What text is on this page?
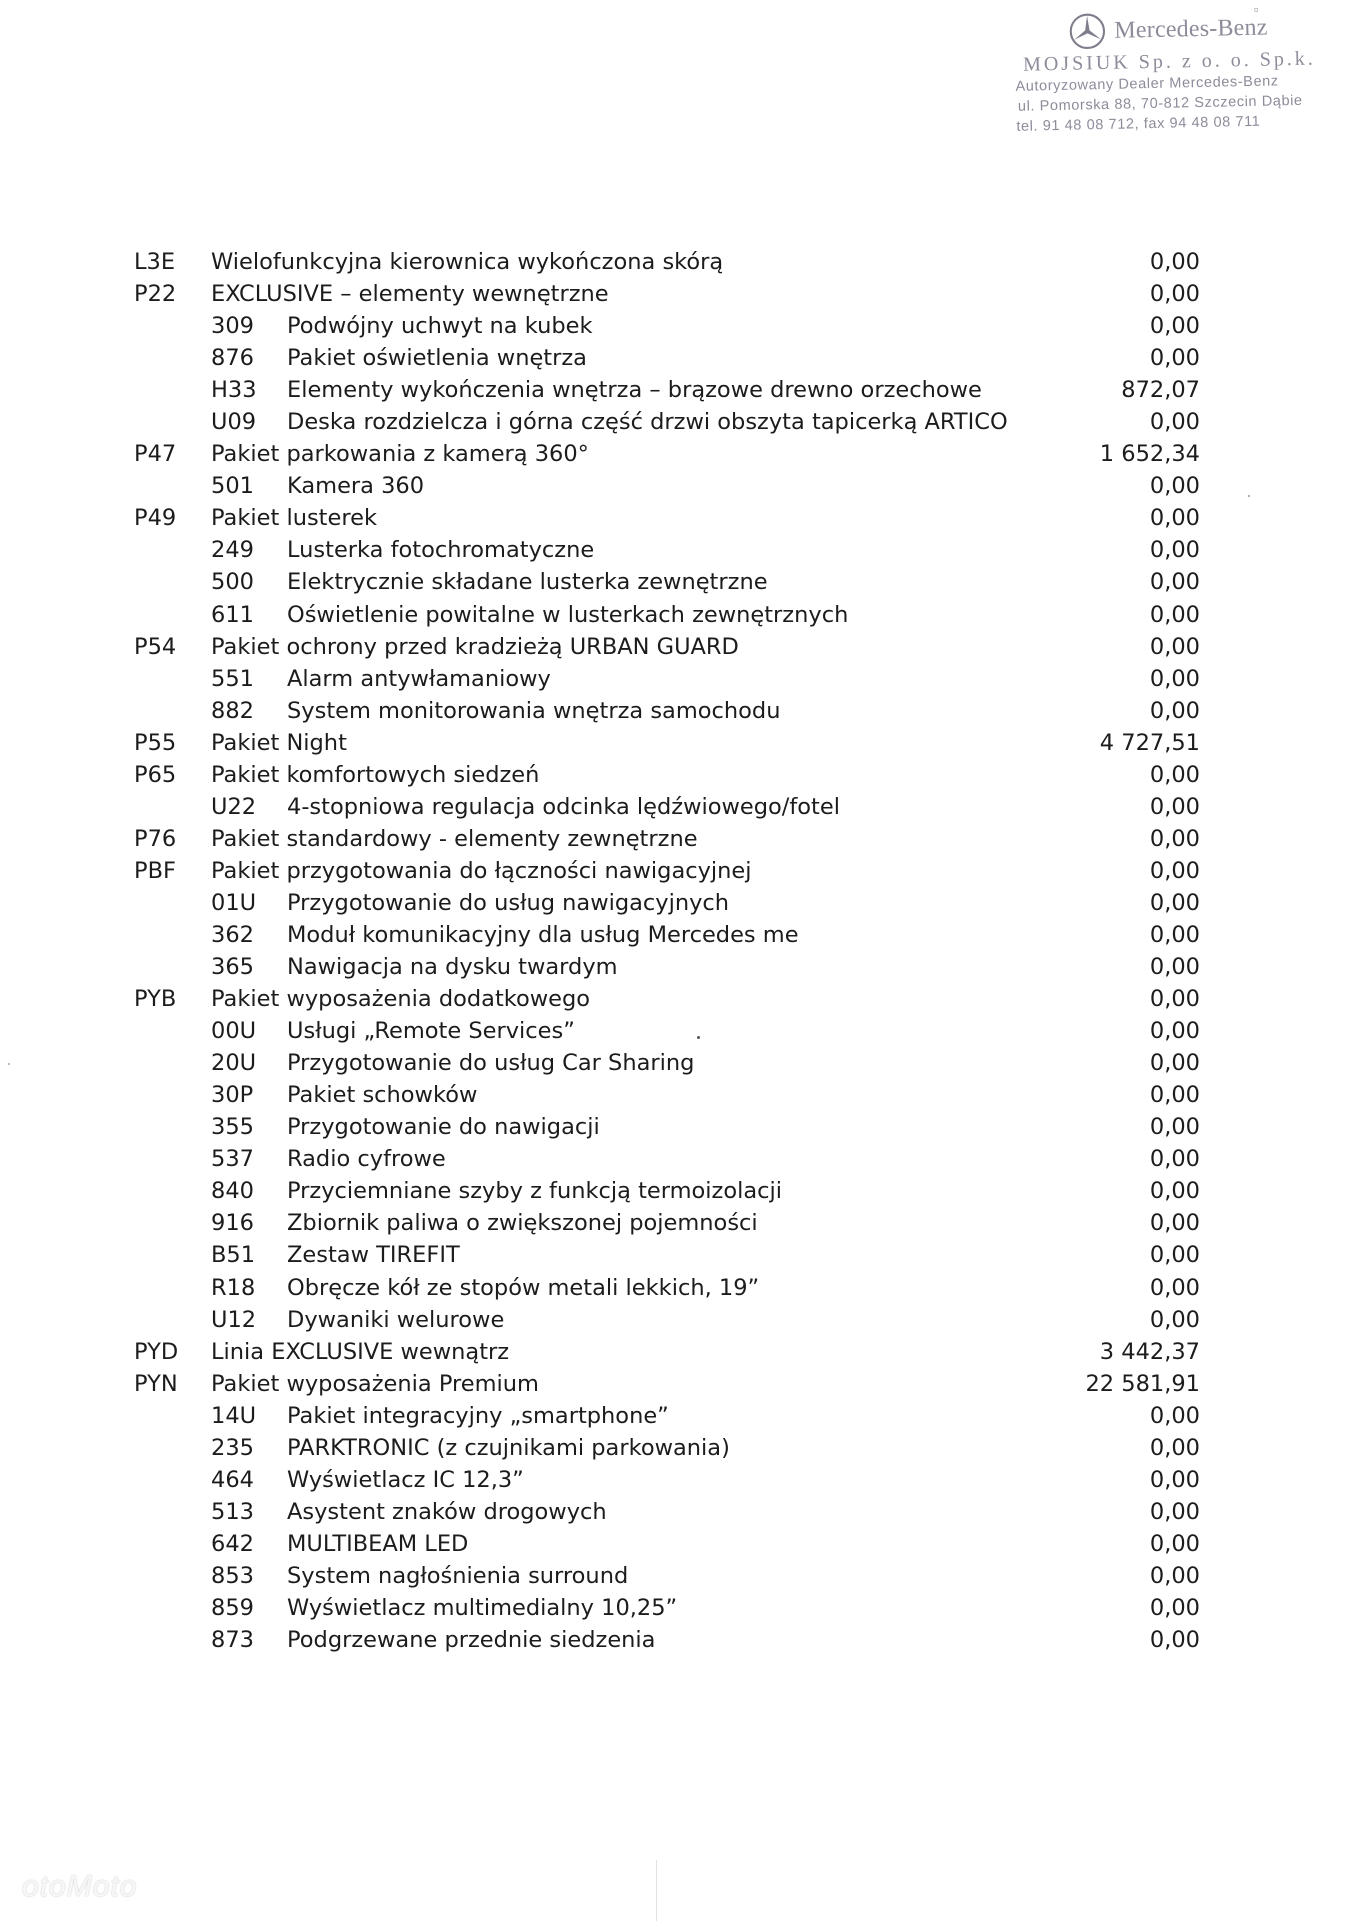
¤
Mercedes-Benz
MOJSIUK Sp. z o. o. Sp.k.
Autoryzowany Dealer Mercedes-Benz
ul. Pomorska 88, 70-812 Szczecin Dąbie
tel. 91 48 08 712, fax 94 48 08 711
L3E Wielofunkcyjna kierownica wykończona skórą	0,00
P22 EXCLUSIVE – elementy wewnętrzne	0,00
309 Podwójny uchwyt na kubek	0,00
876 Pakiet oświetlenia wnętrza	0,00
H33 Elementy wykończenia wnętrza – brązowe drewno orzechowe	872,07
U09 Deska rozdzielcza i górna część drzwi obszyta tapicerką ARTICO	0,00
P47 Pakiet parkowania z kamerą 360°	1 652,34
501 Kamera 360	0,00
P49 Pakiet lusterek	0,00
249 Lusterka fotochromatyczne	0,00
500 Elektrycznie składane lusterka zewnętrzne	0,00
611 Oświetlenie powitalne w lusterkach zewnętrznych	0,00
P54 Pakiet ochrony przed kradzieżą URBAN GUARD	0,00
551 Alarm antywłamaniowy	0,00
882 System monitorowania wnętrza samochodu	0,00
P55 Pakiet Night	4 727,51
P65 Pakiet komfortowych siedzeń	0,00
U22 4-stopniowa regulacja odcinka lędźwiowego/fotel	0,00
P76 Pakiet standardowy - elementy zewnętrzne	0,00
PBF Pakiet przygotowania do łączności nawigacyjnej	0,00
01U Przygotowanie do usług nawigacyjnych	0,00
362 Moduł komunikacyjny dla usług Mercedes me	0,00
365 Nawigacja na dysku twardym	0,00
PYB Pakiet wyposażenia dodatkowego	0,00
00U Usługi „Remote Services”	0,00
20U Przygotowanie do usług Car Sharing	0,00
30P Pakiet schowków	0,00
355 Przygotowanie do nawigacji	0,00
537 Radio cyfrowe	0,00
840 Przyciemniane szyby z funkcją termoizolacji	0,00
916 Zbiornik paliwa o zwiększonej pojemności	0,00
B51 Zestaw TIREFIT	0,00
R18 Obręcze kół ze stopów metali lekkich, 19”	0,00
U12 Dywaniki welurowe	0,00
PYD Linia EXCLUSIVE wewnątrz	3 442,37
PYN Pakiet wyposażenia Premium	22 581,91
14U Pakiet integracyjny „smartphone”	0,00
235 PARKTRONIC (z czujnikami parkowania)	0,00
464 Wyświetlacz IC 12,3”	0,00
513 Asystent znaków drogowych	0,00
642 MULTIBEAM LED	0,00
853 System nagłośnienia surround	0,00
859 Wyświetlacz multimedialny 10,25”	0,00
873 Podgrzewane przednie siedzenia	0,00
otoMoto
